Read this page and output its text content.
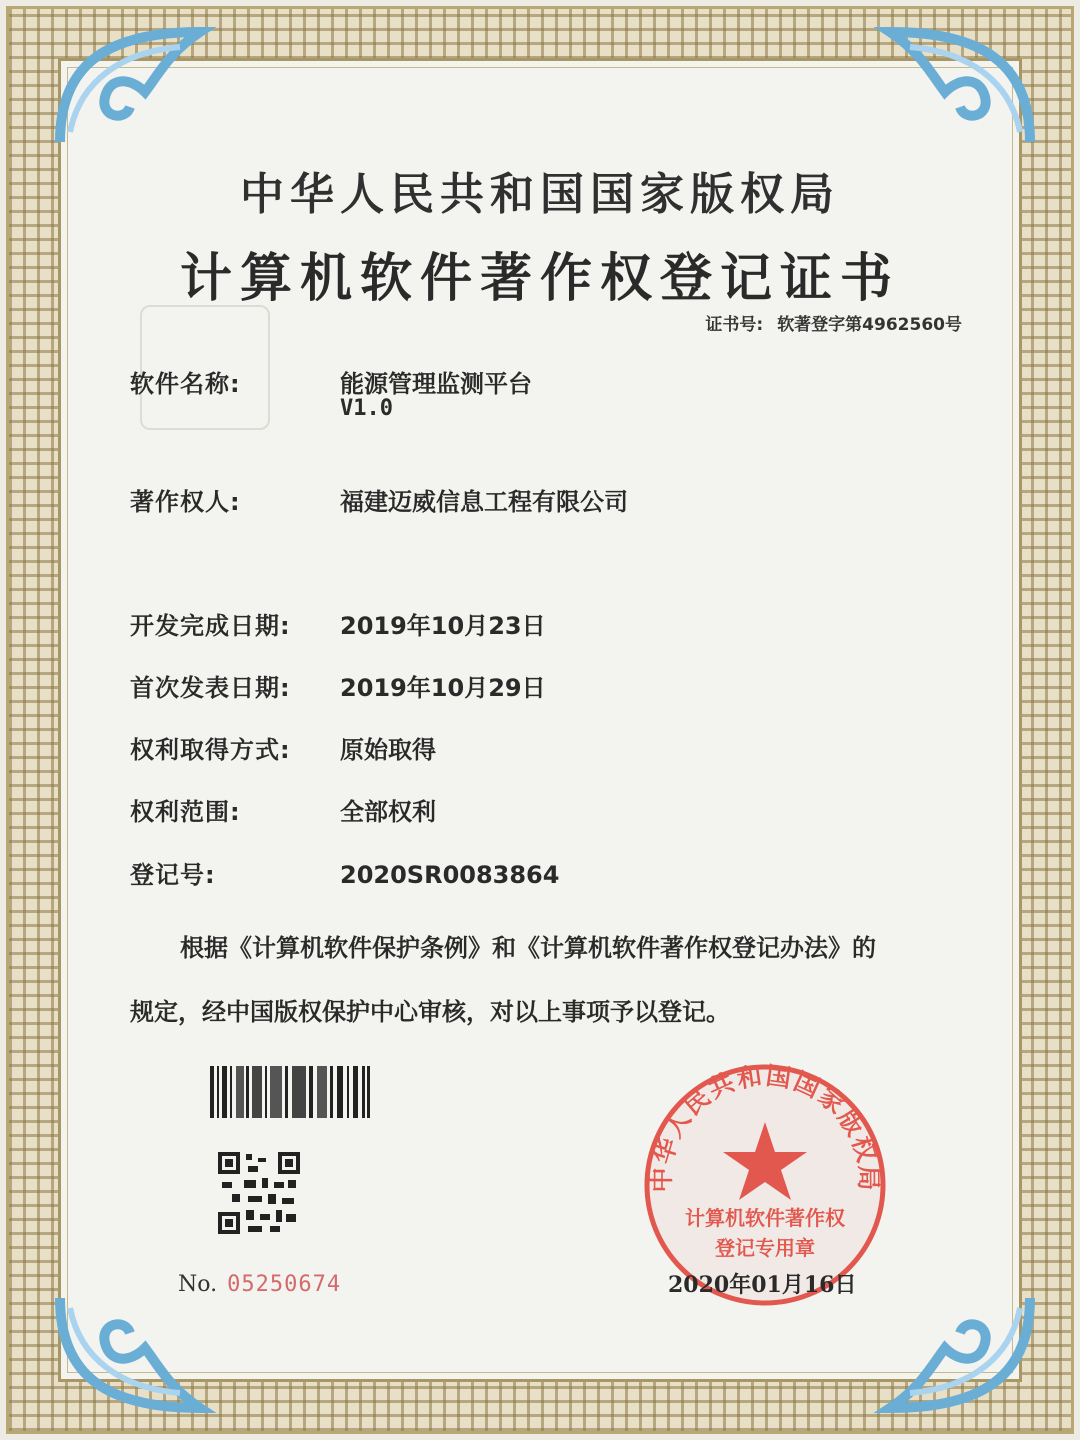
中华人民共和国国家版权局
计算机软件著作权登记证书
证书号: 软著登字第4962560号
软件名称:	能源管理监测平台
V1.0
著作权人:	福建迈威信息工程有限公司
开发完成日期: 2019年10月23日
首次发表日期: 2019年10月29日
权利取得方式: 原始取得
权利范围:	全部权利
登记号:	2020SR0083864
根据《计算机软件保护条例》和《计算机软件著作权登记办法》的
规定，经中国版权保护中心审核，对以上事项予以登记。
No. 05250674
中华人民共和国国家版权局
计算机软件著作权
登记专用章
2020年01月16日
